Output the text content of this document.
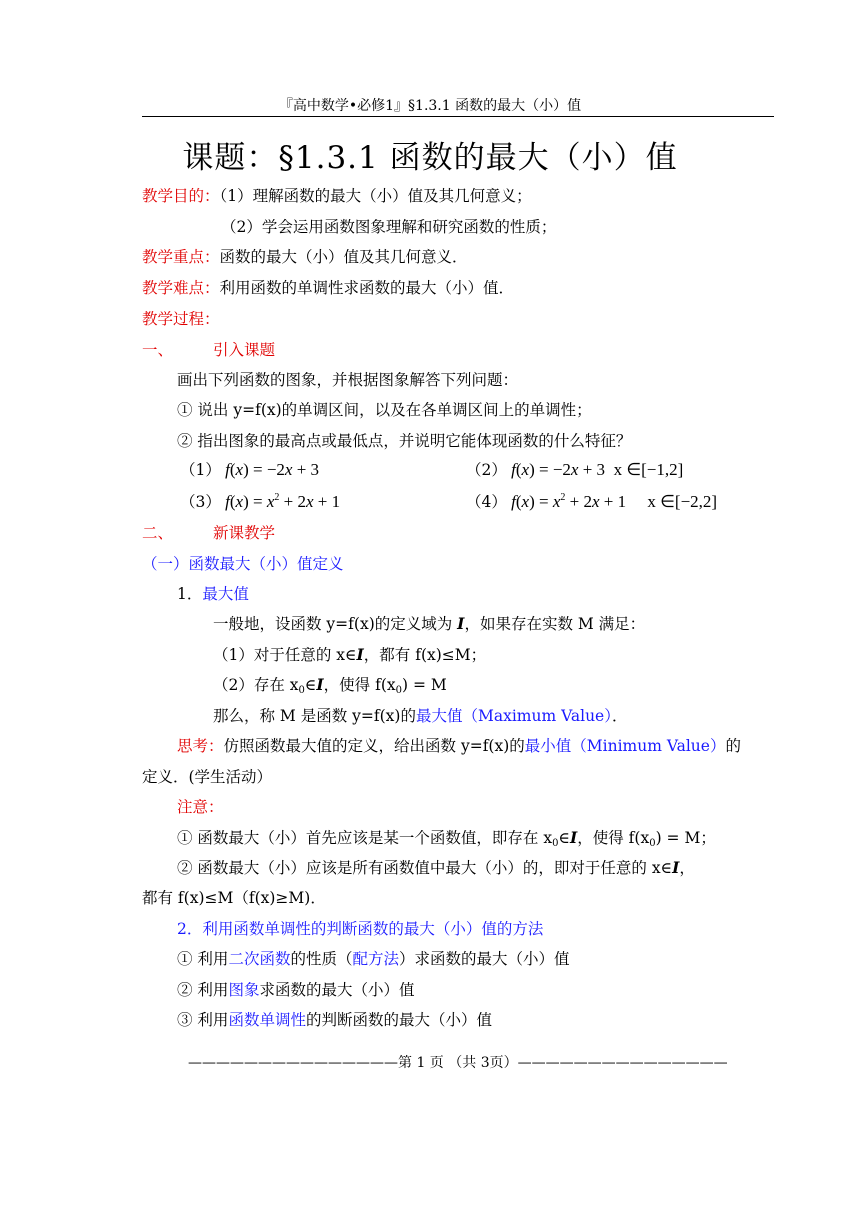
『高中数学•必修1』§1.3.1 函数的最大（小）值
课题：§1.3.1 函数的最大（小）值
教学目的：（1）理解函数的最大（小）值及其几何意义；
（2）学会运用函数图象理解和研究函数的性质；
教学重点：函数的最大（小）值及其几何意义．
教学难点：利用函数的单调性求函数的最大（小）值．
教学过程：
一、	引入课题
画出下列函数的图象，并根据图象解答下列问题：
① 说出 y=f(x)的单调区间，以及在各单调区间上的单调性；
② 指出图象的最高点或最低点，并说明它能体现函数的什么特征？
（1） f(x) = −2x + 3	（2） f(x) = −2x + 3  x ∈[−1,2]
（3） $f(x) = x^2 + 2x + 1$	（4） $f(x) = x^2 + 2x + 1$     x ∈[−2,2]
二、	新课教学
（一）函数最大（小）值定义
1．最大值
一般地，设函数 y=f(x)的定义域为 I，如果存在实数 M 满足：
（1）对于任意的 x∈I，都有 f(x)≤M；
（2）存在 $x_0\in I$，使得 $f(x_0) = M$
那么，称 M 是函数 y=f(x)的最大值（Maximum Value）．
思考：仿照函数最大值的定义，给出函数 y=f(x)的最小值（Minimum Value）的
定义．(学生活动）
注意：
① 函数最大（小）首先应该是某一个函数值，即存在 $x_0\in I$，使得 $f(x_0) = M$；
② 函数最大（小）应该是所有函数值中最大（小）的，即对于任意的 x∈I，
都有 f(x)≤M（f(x)≥M)．
2．利用函数单调性的判断函数的最大（小）值的方法
① 利用二次函数的性质（配方法）求函数的最大（小）值
② 利用图象求函数的最大（小）值
③ 利用函数单调性的判断函数的最大（小）值
———————————————第 1 页 （共 3页）———————————————
